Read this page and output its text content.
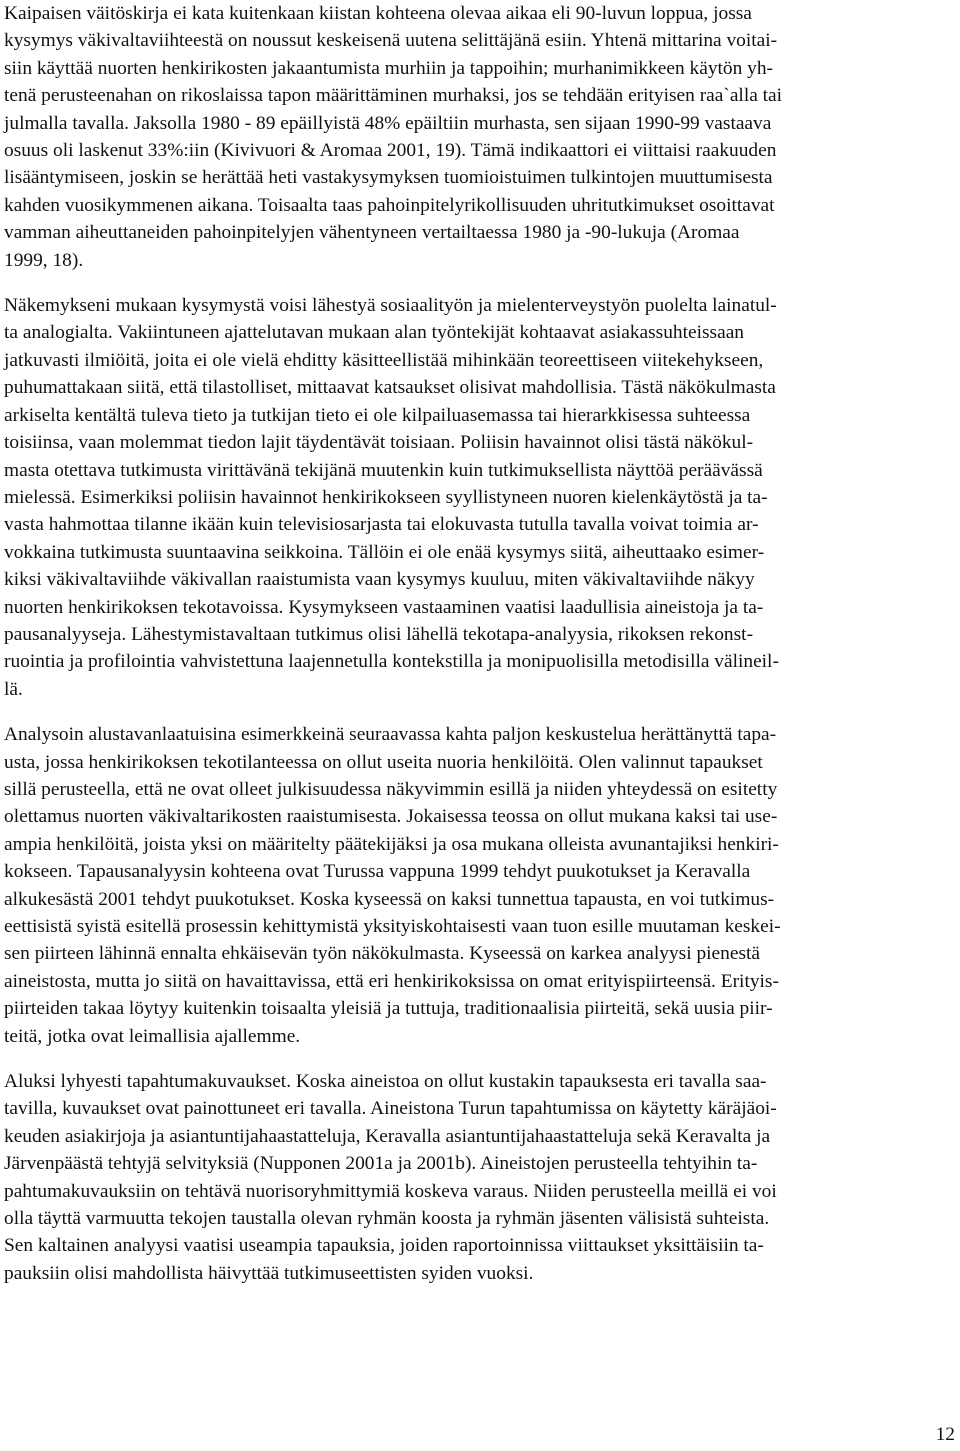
Kaipaisen väitöskirja ei kata kuitenkaan kiistan kohteena olevaa aikaa eli 90-luvun loppua, jossa
kysymys väkivaltaviihteestä on noussut keskeisenä uutena selittäjänä esiin. Yhtenä mittarina voitai-
siin käyttää nuorten henkirikosten jakaantumista murhiin ja tappoihin; murhanimikkeen käytön yh-
tenä perusteenahan on rikoslaissa tapon määrittäminen murhaksi, jos se tehdään erityisen raa`alla tai
julmalla tavalla. Jaksolla 1980 - 89 epäillyistä 48% epäiltiin murhasta, sen sijaan 1990-99 vastaava
osuus oli laskenut 33%:iin (Kivivuori & Aromaa 2001, 19). Tämä indikaattori ei viittaisi raakuuden
lisääntymiseen, joskin se herättää heti vastakysymyksen tuomioistuimen tulkintojen muuttumisesta
kahden vuosikymmenen aikana. Toisaalta taas pahoinpitelyrikollisuuden uhritutkimukset osoittavat
vamman aiheuttaneiden pahoinpitelyjen vähentyneen vertailtaessa 1980 ja -90-lukuja (Aromaa
1999, 18).

Näkemykseni mukaan kysymystä voisi lähestyä sosiaalityön ja mielenterveystyön puolelta lainatul-
ta analogialta. Vakiintuneen ajattelutavan mukaan alan työntekijät kohtaavat asiakassuhteissaan
jatkuvasti ilmiöitä, joita ei ole vielä ehditty käsitteellistää mihinkään teoreettiseen viitekehykseen,
puhumattakaan siitä, että tilastolliset, mittaavat katsaukset olisivat mahdollisia. Tästä näkökulmasta
arkiselta kentältä tuleva tieto ja tutkijan tieto ei ole kilpailuasemassa tai hierarkkisessa suhteessa
toisiinsa, vaan molemmat tiedon lajit täydentävät toisiaan. Poliisin havainnot olisi tästä näkökul-
masta otettava tutkimusta virittävänä tekijänä muutenkin kuin tutkimuksellista näyttöä peräävässä
mielessä. Esimerkiksi poliisin havainnot henkirikokseen syyllistyneen nuoren kielenkäytöstä ja ta-
vasta hahmottaa tilanne ikään kuin televisiosarjasta tai elokuvasta tutulla tavalla voivat toimia ar-
vokkaina tutkimusta suuntaavina seikkoina. Tällöin ei ole enää kysymys siitä, aiheuttaako esimer-
kiksi väkivaltaviihde väkivallan raaistumista vaan kysymys kuuluu, miten väkivaltaviihde näkyy
nuorten henkirikoksen tekotavoissa. Kysymykseen vastaaminen vaatisi laadullisia aineistoja ja ta-
pausanalyyseja. Lähestymistavaltaan tutkimus olisi lähellä tekotapa-analyysia, rikoksen rekonst-
ruointia ja profilointia vahvistettuna laajennetulla kontekstilla ja monipuolisilla metodisilla välineil-
lä.

Analysoin alustavanlaatuisina esimerkkeinä seuraavassa kahta paljon keskustelua herättänyttä tapa-
usta, jossa henkirikoksen tekotilanteessa on ollut useita nuoria henkilöitä. Olen valinnut tapaukset
sillä perusteella, että ne ovat olleet julkisuudessa näkyvimmin esillä ja niiden yhteydessä on esitetty
olettamus nuorten väkivaltarikosten raaistumisesta. Jokaisessa teossa on ollut mukana kaksi tai use-
ampia henkilöitä, joista yksi on määritelty päätekijäksi ja osa mukana olleista avunantajiksi henkiri-
kokseen. Tapausanalyysin kohteena ovat Turussa vappuna 1999 tehdyt puukotukset ja Keravalla
alkukesästä 2001 tehdyt puukotukset. Koska kyseessä on kaksi tunnettua tapausta, en voi tutkimus-
eettisistä syistä esitellä prosessin kehittymistä yksityiskohtaisesti vaan tuon esille muutaman keskei-
sen piirteen lähinnä ennalta ehkäisevän työn näkökulmasta. Kyseessä on karkea analyysi pienestä
aineistosta, mutta jo siitä on havaittavissa, että eri henkirikoksissa on omat erityispiirteensä. Erityis-
piirteiden takaa löytyy kuitenkin toisaalta yleisiä ja tuttuja, traditionaalisia piirteitä, sekä uusia piir-
teitä, jotka ovat leimallisia ajallemme.

Aluksi lyhyesti tapahtumakuvaukset. Koska aineistoa on ollut kustakin tapauksesta eri tavalla saa-
tavilla, kuvaukset ovat painottuneet eri tavalla. Aineistona Turun tapahtumissa on käytetty käräjäoi-
keuden asiakirjoja ja asiantuntijahaastatteluja, Keravalla asiantuntijahaastatteluja sekä Keravalta ja
Järvenpäästä tehtyjä selvityksiä (Nupponen 2001a ja 2001b). Aineistojen perusteella tehtyihin ta-
pahtumakuvauksiin on tehtävä nuorisoryhmittymiä koskeva varaus. Niiden perusteella meillä ei voi
olla täyttä varmuutta tekojen taustalla olevan ryhmän koosta ja ryhmän jäsenten välisistä suhteista.
Sen kaltainen analyysi vaatisi useampia tapauksia, joiden raportoinnissa viittaukset yksittäisiin ta-
pauksiin olisi mahdollista häivyttää tutkimuseettisten syiden vuoksi.

12
